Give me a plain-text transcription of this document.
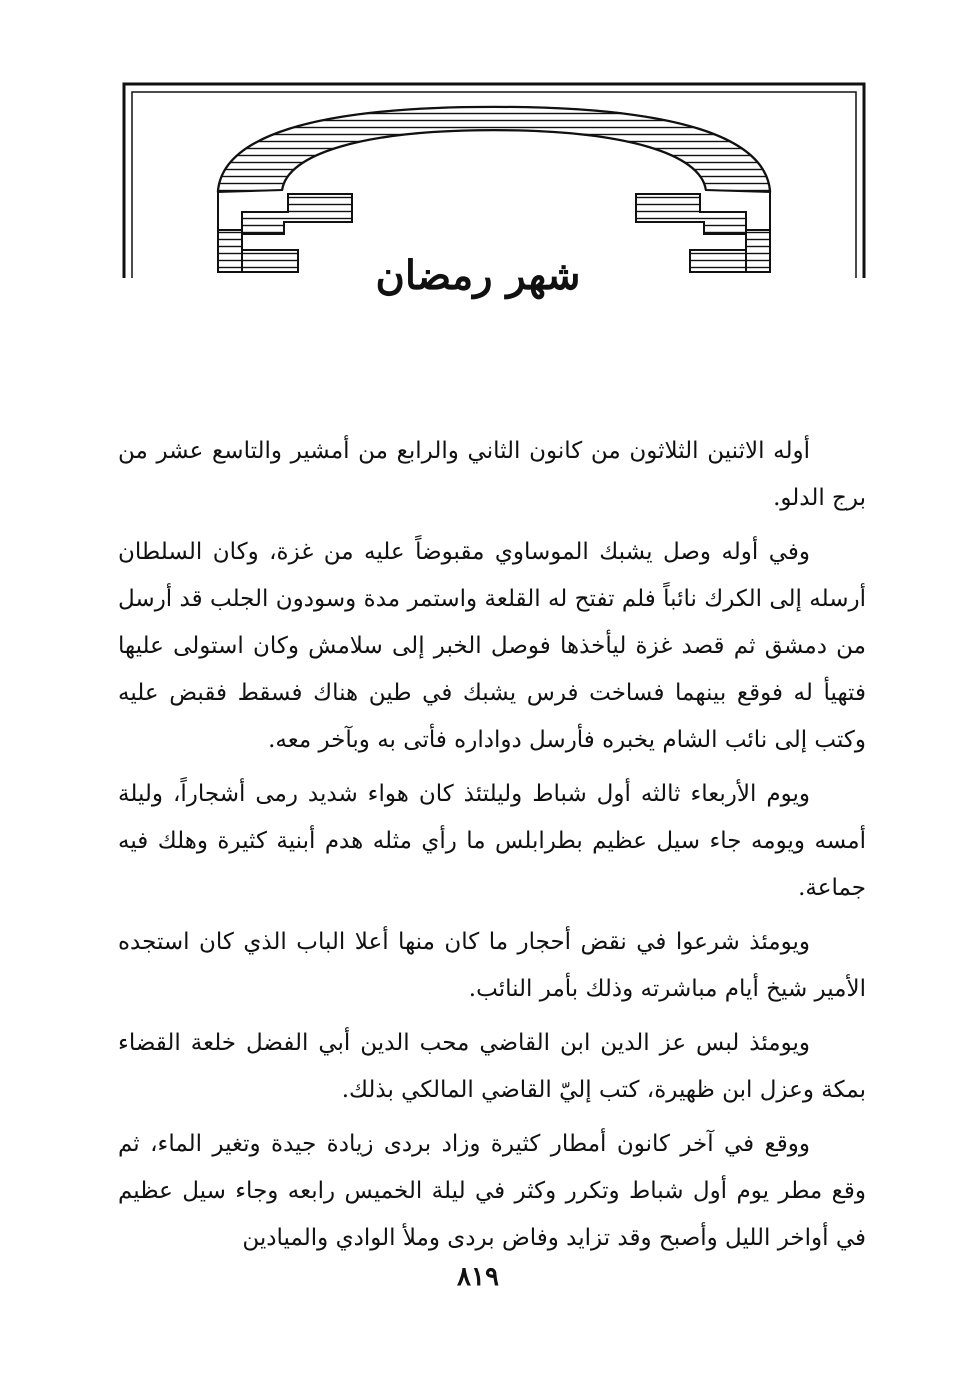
شهر رمضان

أوله الاثنين الثلاثون من كانون الثاني والرابع من أمشير والتاسع عشر من برج الدلو.

وفي أوله وصل يشبك الموساوي مقبوضاً عليه من غزة، وكان السلطان أرسله إلى الكرك نائباً فلم تفتح له القلعة واستمر مدة وسودون الجلب قد أرسل من دمشق ثم قصد غزة ليأخذها فوصل الخبر إلى سلامش وكان استولى عليها فتهيأ له فوقع بينهما فساخت فرس يشبك في طين هناك فسقط فقبض عليه وكتب إلى نائب الشام يخبره فأرسل دواداره فأتى به وبآخر معه.

ويوم الأربعاء ثالثه أول شباط وليلتئذ كان هواء شديد رمى أشجاراً، وليلة أمسه ويومه جاء سيل عظيم بطرابلس ما رأي مثله هدم أبنية كثيرة وهلك فيه جماعة.

ويومئذ شرعوا في نقض أحجار ما كان منها أعلا الباب الذي كان استجده الأمير شيخ أيام مباشرته وذلك بأمر النائب.

ويومئذ لبس عز الدين ابن القاضي محب الدين أبي الفضل خلعة القضاء بمكة وعزل ابن ظهيرة، كتب إليّ القاضي المالكي بذلك.

ووقع في آخر كانون أمطار كثيرة وزاد بردى زيادة جيدة وتغير الماء، ثم وقع مطر يوم أول شباط وتكرر وكثر في ليلة الخميس رابعه وجاء سيل عظيم في أواخر الليل وأصبح وقد تزايد وفاض بردى وملأ الوادي والميادين

٨١٩
